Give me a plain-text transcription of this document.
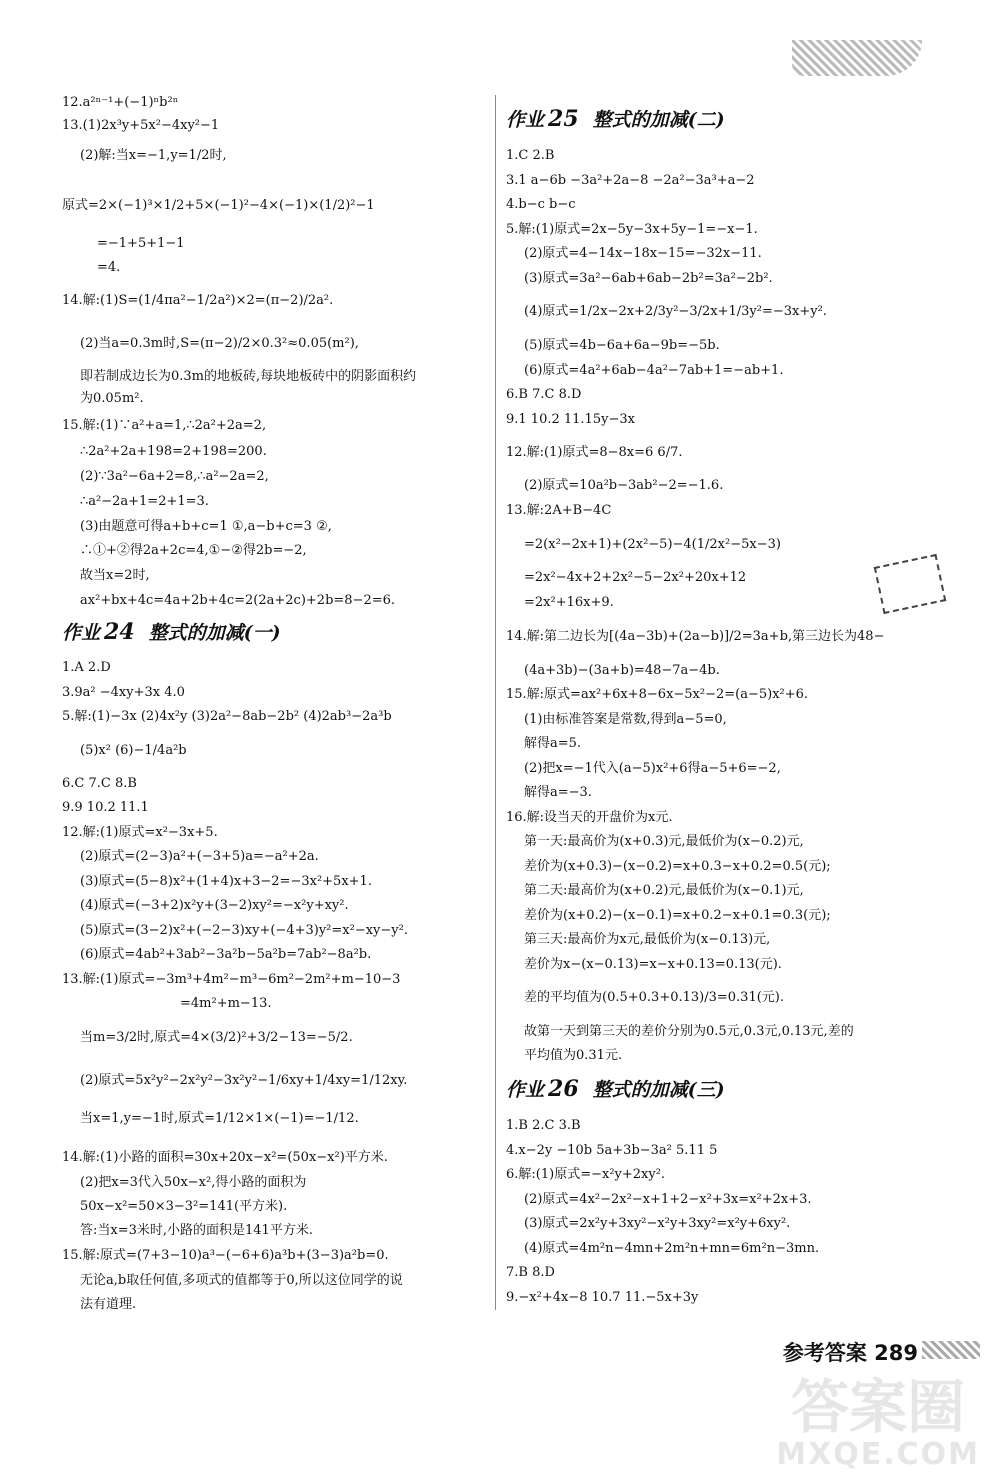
12.a²ⁿ⁻¹+(−1)ⁿb²ⁿ
13.(1)2x³y+5x²−4xy²−1
(2)解:当x=−1,y=1/2时,
原式=2×(−1)³×1/2+5×(−1)²−4×(−1)×(1/2)²−1
=−1+5+1−1
=4.
14.解:(1)S=(1/4πa²−1/2a²)×2=(π−2)/2a².
(2)当a=0.3m时,S=(π−2)/2×0.3²≈0.05(m²),
即若制成边长为0.3m的地板砖,每块地板砖中的阴影面积约
为0.05m².
15.解:(1)∵a²+a=1,∴2a²+2a=2,
∴2a²+2a+198=2+198=200.
(2)∵3a²−6a+2=8,∴a²−2a=2,
∴a²−2a+1=2+1=3.
(3)由题意可得a+b+c=1 ①,a−b+c=3 ②,
∴①+②得2a+2c=4,①−②得2b=−2,
故当x=2时,
ax²+bx+4c=4a+2b+4c=2(2a+2c)+2b=8−2=6.
作业 24 整式的加减(一)
1.A 2.D
3.9a² −4xy+3x 4.0
5.解:(1)−3x (2)4x²y (3)2a²−8ab−2b² (4)2ab³−2a³b
(5)x² (6)−1/4a²b
6.C 7.C 8.B
9.9 10.2 11.1
12.解:(1)原式=x²−3x+5.
(2)原式=(2−3)a²+(−3+5)a=−a²+2a.
(3)原式=(5−8)x²+(1+4)x+3−2=−3x²+5x+1.
(4)原式=(−3+2)x²y+(3−2)xy²=−x²y+xy².
(5)原式=(3−2)x²+(−2−3)xy+(−4+3)y²=x²−xy−y².
(6)原式=4ab²+3ab²−3a²b−5a²b=7ab²−8a²b.
13.解:(1)原式=−3m³+4m²−m³−6m²−2m²+m−10−3
=4m²+m−13.
当m=3/2时,原式=4×(3/2)²+3/2−13=−5/2.
(2)原式=5x²y²−2x²y²−3x²y²−1/6xy+1/4xy=1/12xy.
当x=1,y=−1时,原式=1/12×1×(−1)=−1/12.
14.解:(1)小路的面积=30x+20x−x²=(50x−x²)平方米.
(2)把x=3代入50x−x²,得小路的面积为
50x−x²=50×3−3²=141(平方米).
答:当x=3米时,小路的面积是141平方米.
15.解:原式=(7+3−10)a³−(−6+6)a³b+(3−3)a²b=0.
无论a,b取任何值,多项式的值都等于0,所以这位同学的说
法有道理.
作业 25 整式的加减(二)
1.C 2.B
3.1 a−6b −3a²+2a−8 −2a²−3a³+a−2
4.b−c b−c
5.解:(1)原式=2x−5y−3x+5y−1=−x−1.
(2)原式=4−14x−18x−15=−32x−11.
(3)原式=3a²−6ab+6ab−2b²=3a²−2b².
(4)原式=1/2x−2x+2/3y²−3/2x+1/3y²=−3x+y².
(5)原式=4b−6a+6a−9b=−5b.
(6)原式=4a²+6ab−4a²−7ab+1=−ab+1.
6.B 7.C 8.D
9.1 10.2 11.15y−3x
12.解:(1)原式=8−8x=6 6/7.
(2)原式=10a²b−3ab²−2=−1.6.
13.解:2A+B−4C
=2(x²−2x+1)+(2x²−5)−4(1/2x²−5x−3)
=2x²−4x+2+2x²−5−2x²+20x+12
=2x²+16x+9.
14.解:第二边长为[(4a−3b)+(2a−b)]/2=3a+b,第三边长为48−
(4a+3b)−(3a+b)=48−7a−4b.
15.解:原式=ax²+6x+8−6x−5x²−2=(a−5)x²+6.
(1)由标准答案是常数,得到a−5=0,
解得a=5.
(2)把x=−1代入(a−5)x²+6得a−5+6=−2,
解得a=−3.
16.解:设当天的开盘价为x元.
第一天:最高价为(x+0.3)元,最低价为(x−0.2)元,
差价为(x+0.3)−(x−0.2)=x+0.3−x+0.2=0.5(元);
第二天:最高价为(x+0.2)元,最低价为(x−0.1)元,
差价为(x+0.2)−(x−0.1)=x+0.2−x+0.1=0.3(元);
第三天:最高价为x元,最低价为(x−0.13)元,
差价为x−(x−0.13)=x−x+0.13=0.13(元).
差的平均值为(0.5+0.3+0.13)/3=0.31(元).
故第一天到第三天的差价分别为0.5元,0.3元,0.13元,差的
平均值为0.31元.
作业 26 整式的加减(三)
1.B 2.C 3.B
4.x−2y −10b 5a+3b−3a² 5.11 5
6.解:(1)原式=−x²y+2xy².
(2)原式=4x²−2x²−x+1+2−x²+3x=x²+2x+3.
(3)原式=2x²y+3xy²−x²y+3xy²=x²y+6xy².
(4)原式=4m²n−4mn+2m²n+mn=6m²n−3mn.
7.B 8.D
9.−x²+4x−8 10.7 11.−5x+3y
参考答案 289
答案圈
MXQE.COM
